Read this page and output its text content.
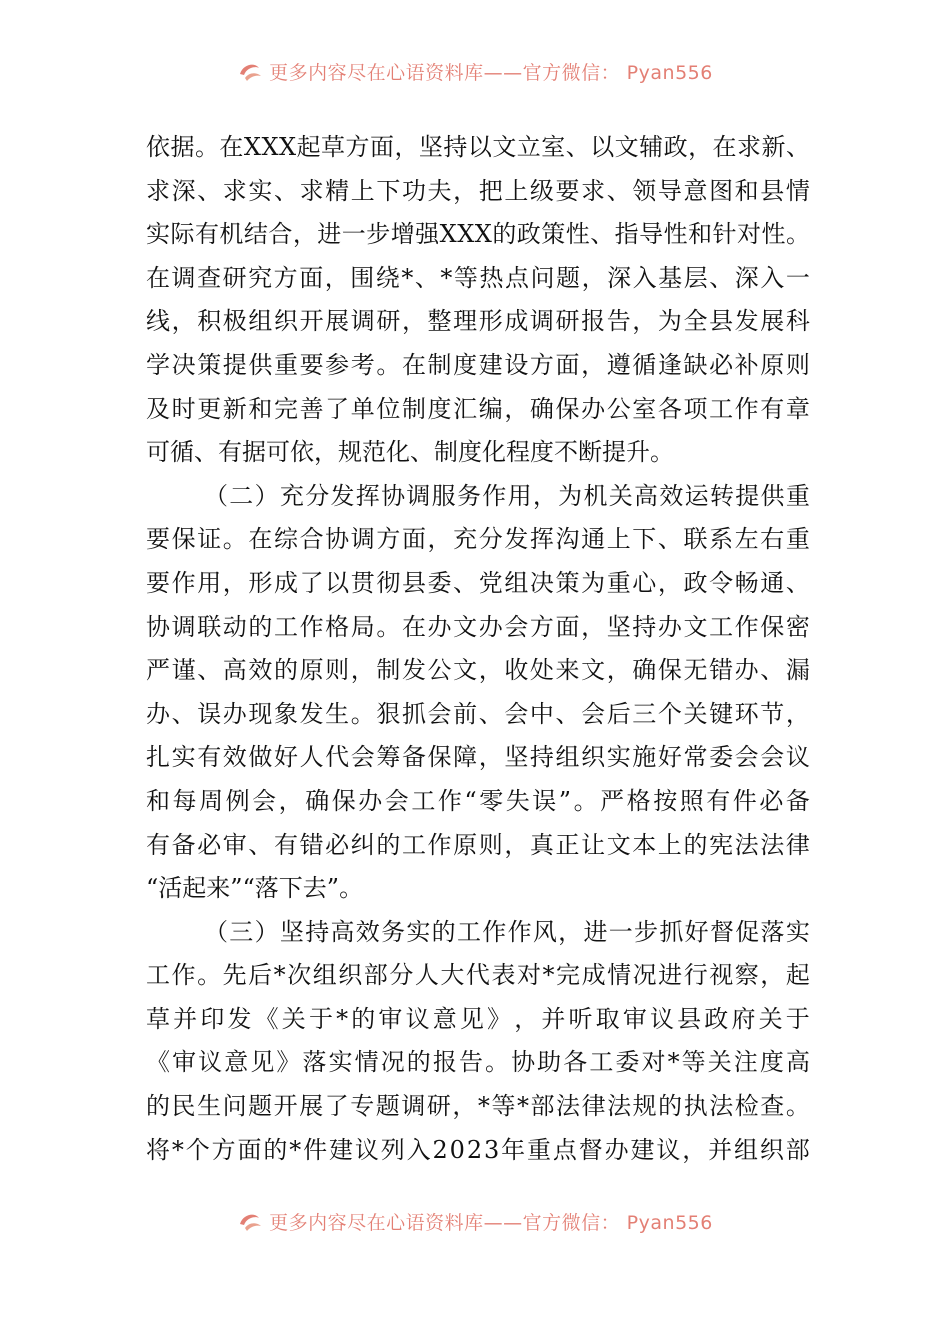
更多内容尽在心语资料库——官方微信： Pyan556
依 据 。 在 X X X 起 草 方 面 ， 坚 持 以 文 立 室 、 以 文 辅 政 ， 在 求 新 、
求 深 、 求 实 、 求 精 上 下 功 夫 ， 把 上 级 要 求 、 领 导 意 图 和 县 情
实 际 有 机 结 合 ， 进 一 步 增 强 X X X 的 政 策 性 、 指 导 性 和 针 对 性 。
在 调 查 研 究 方 面 ， 围 绕 * 、 * 等 热 点 问 题 ， 深 入 基 层 、 深 入 一
线 ， 积 极 组 织 开 展 调 研 ， 整 理 形 成 调 研 报 告 ， 为 全 县 发 展 科
学 决 策 提 供 重 要 参 考 。 在 制 度 建 设 方 面 ， 遵 循 逢 缺 必 补 原 则
及 时 更 新 和 完 善 了 单 位 制 度 汇 编 ， 确 保 办 公 室 各 项 工 作 有 章
可循、有据可依，规范化、制度化程度不断提升。
（ 二 ） 充 分 发 挥 协 调 服 务 作 用 ， 为 机 关 高 效 运 转 提 供 重
要 保 证 。 在 综 合 协 调 方 面 ， 充 分 发 挥 沟 通 上 下 、 联 系 左 右 重
要 作 用 ， 形 成 了 以 贯 彻 县 委 、 党 组 决 策 为 重 心 ， 政 令 畅 通 、
协 调 联 动 的 工 作 格 局 。 在 办 文 办 会 方 面 ， 坚 持 办 文 工 作 保 密
严 谨 、 高 效 的 原 则 ， 制 发 公 文 ， 收 处 来 文 ， 确 保 无 错 办 、 漏
办 、 误 办 现 象 发 生 。 狠 抓 会 前 、 会 中 、 会 后 三 个 关 键 环 节 ，
扎 实 有 效 做 好 人 代 会 筹 备 保 障 ， 坚 持 组 织 实 施 好 常 委 会 会 议
和 每 周 例 会 ， 确 保 办 会 工 作 “ 零 失 误 ” 。 严 格 按 照 有 件 必 备
有 备 必 审 、 有 错 必 纠 的 工 作 原 则 ， 真 正 让 文 本 上 的 宪 法 法 律
“活起来”“落下去”。
（ 三 ） 坚 持 高 效 务 实 的 工 作 作 风 ， 进 一 步 抓 好 督 促 落 实
工 作 。 先 后 * 次 组 织 部 分 人 大 代 表 对 * 完 成 情 况 进 行 视 察 ， 起
草 并 印 发 《 关 于 * 的 审 议 意 见 》 ， 并 听 取 审 议 县 政 府 关 于
《 审 议 意 见 》 落 实 情 况 的 报 告 。 协 助 各 工 委 对 * 等 关 注 度 高
的 民 生 问 题 开 展 了 专 题 调 研 ， * 等 * 部 法 律 法 规 的 执 法 检 查 。
将 * 个 方 面 的 * 件 建 议 列 入 2 0 2 3 年 重 点 督 办 建 议 ， 并 组 织 部
更多内容尽在心语资料库——官方微信： Pyan556
